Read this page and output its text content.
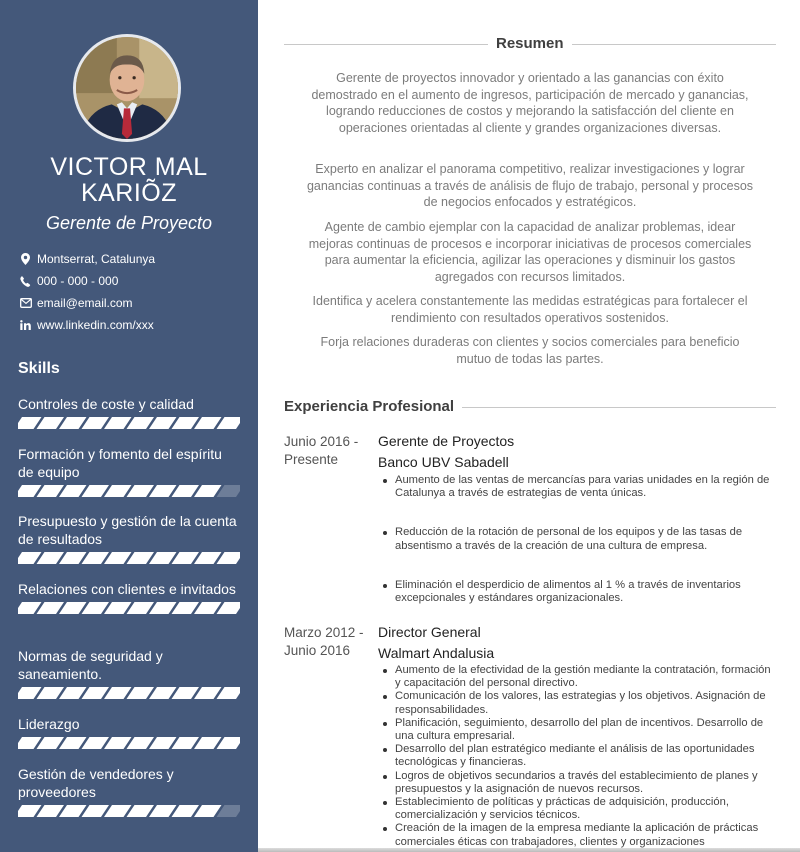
VICTOR MAL KARIÕZ
Gerente de Proyecto
Montserrat, Catalunya
000 - 000 - 000
email@email.com
www.linkedin.com/xxx
Skills
Controles de coste y calidad
Formación y fomento del espíritu de equipo
Presupuesto y gestión de la cuenta de resultados
Relaciones con clientes e invitados
Normas de seguridad y saneamiento.
Liderazgo
Gestión de vendedores y proveedores
Resumen

Gerente de proyectos innovador y orientado a las ganancias con éxito demostrado en el aumento de ingresos, participación de mercado y ganancias, logrando reducciones de costos y mejorando la satisfacción del cliente en operaciones orientadas al cliente y grandes organizaciones diversas.

Experto en analizar el panorama competitivo, realizar investigaciones y lograr ganancias continuas a través de análisis de flujo de trabajo, personal y procesos de negocios enfocados y estratégicos.

Agente de cambio ejemplar con la capacidad de analizar problemas, idear mejoras continuas de procesos e incorporar iniciativas de procesos comerciales para aumentar la eficiencia, agilizar las operaciones y disminuir los gastos agregados con recursos limitados.

Identifica y acelera constantemente las medidas estratégicas para fortalecer el rendimiento con resultados operativos sostenidos.

Forja relaciones duraderas con clientes y socios comerciales para beneficio mutuo de todas las partes.

Experiencia Profesional
Junio 2016 - Presente
Gerente de Proyectos
Banco UBV Sabadell
Aumento de las ventas de mercancías para varias unidades en la región de Catalunya a través de estrategias de venta únicas.
Reducción de la rotación de personal de los equipos y de las tasas de absentismo a través de la creación de una cultura de empresa.
Eliminación el desperdicio de alimentos al 1 % a través de inventarios excepcionales y estándares organizacionales.
Marzo 2012 - Junio 2016
Director General
Walmart Andalusia
Aumento de la efectividad de la gestión mediante la contratación, formación y capacitación del personal directivo.
Comunicación de los valores, las estrategias y los objetivos. Asignación de responsabilidades.
Planificación, seguimiento, desarrollo del plan de incentivos. Desarrollo de una cultura empresarial.
Desarrollo del plan estratégico mediante el análisis de las oportunidades tecnológicas y financieras.
Logros de objetivos secundarios a través del establecimiento de planes y presupuestos y la asignación de nuevos recursos.
Establecimiento de políticas y prácticas de adquisición, producción, comercialización y servicios técnicos.
Creación de la imagen de la empresa mediante la aplicación de prácticas comerciales éticas con trabajadores, clientes y organizaciones
